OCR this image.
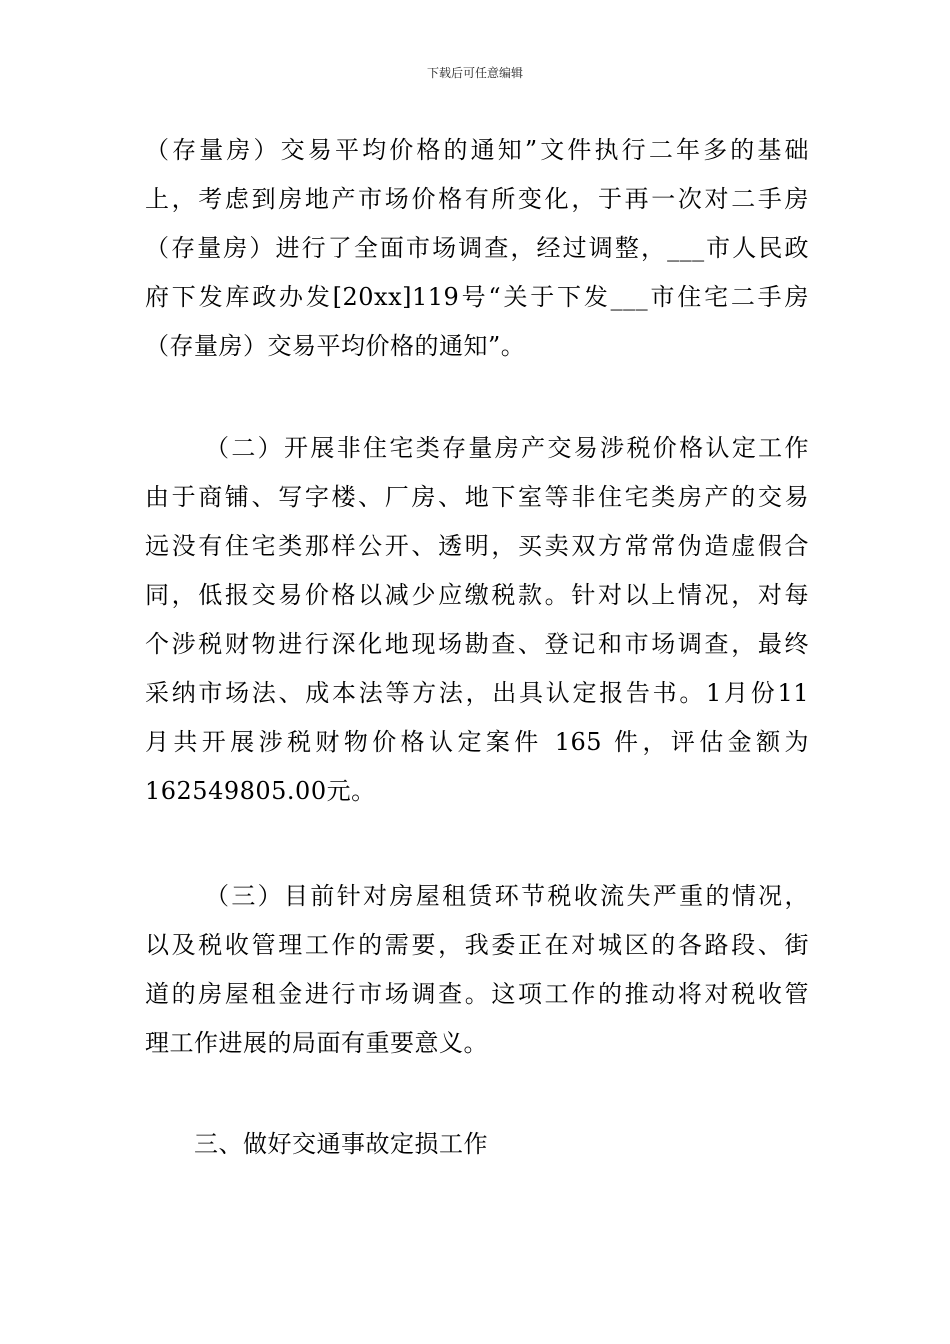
下载后可任意编辑
（存量房）交易平均价格的通知”文件执行二年多的基础
上，考虑到房地产市场价格有所变化，于再一次对二手房
（存量房）进行了全面市场调查，经过调整，___市人民政
府下发库政办发[20xx]119号“关于下发___市住宅二手房
（存量房）交易平均价格的通知”。
（二）开展非住宅类存量房产交易涉税价格认定工作
由于商铺、写字楼、厂房、地下室等非住宅类房产的交易
远没有住宅类那样公开、透明，买卖双方常常伪造虚假合
同，低报交易价格以减少应缴税款。针对以上情况，对每
个涉税财物进行深化地现场勘查、登记和市场调查，最终
采纳市场法、成本法等方法，出具认定报告书。1月份11
月共开展涉税财物价格认定案件 165 件，评估金额为
162549805.00元。
（三）目前针对房屋租赁环节税收流失严重的情况，
以及税收管理工作的需要，我委正在对城区的各路段、街
道的房屋租金进行市场调查。这项工作的推动将对税收管
理工作进展的局面有重要意义。
三、做好交通事故定损工作
